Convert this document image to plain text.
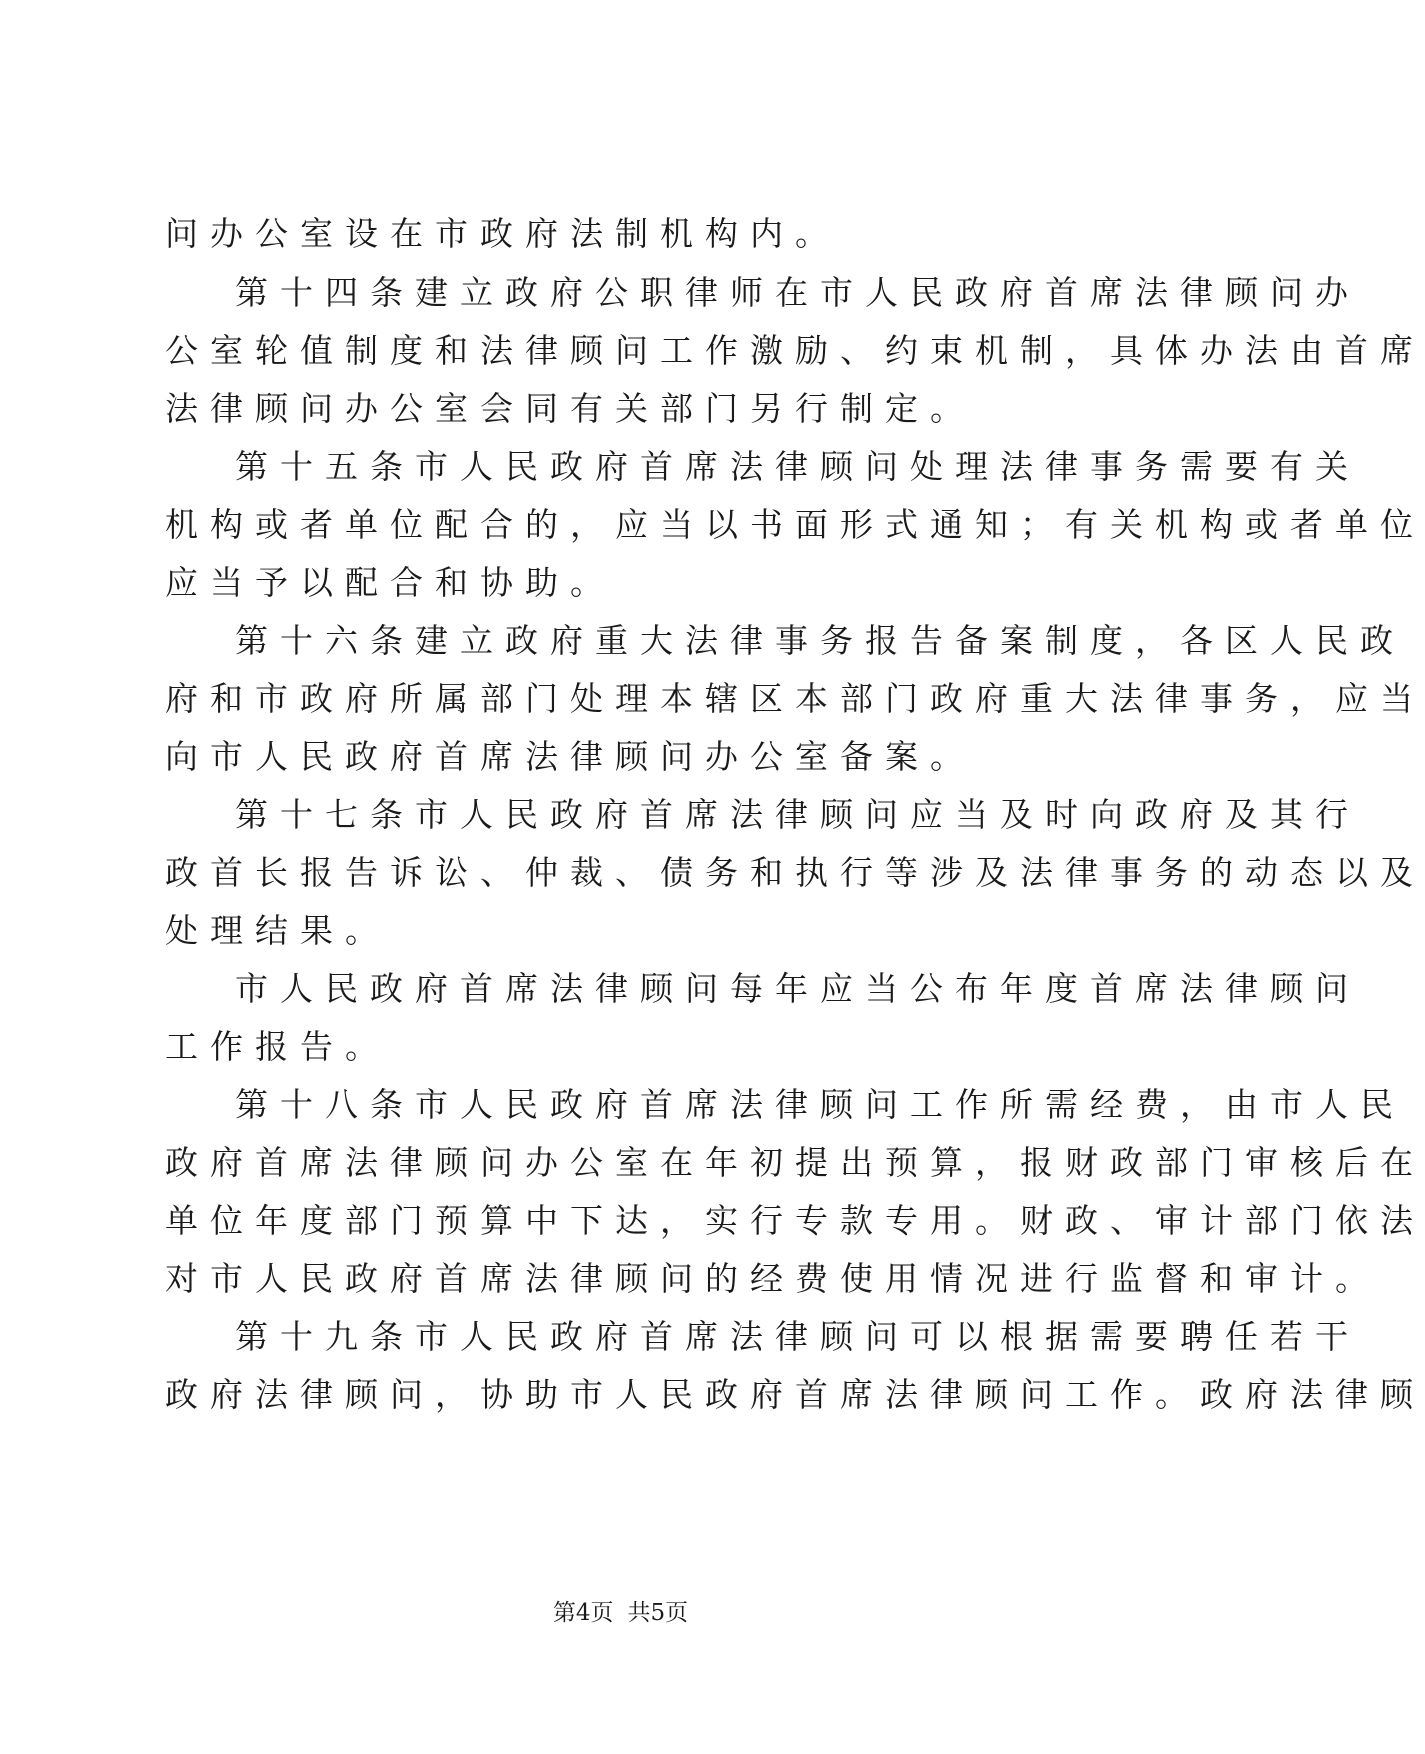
问办公室设在市政府法制机构内。
第十四条建立政府公职律师在市人民政府首席法律顾问办
公室轮值制度和法律顾问工作激励、约束机制，具体办法由首席
法律顾问办公室会同有关部门另行制定。
第十五条市人民政府首席法律顾问处理法律事务需要有关
机构或者单位配合的，应当以书面形式通知；有关机构或者单位
应当予以配合和协助。
第十六条建立政府重大法律事务报告备案制度，各区人民政
府和市政府所属部门处理本辖区本部门政府重大法律事务，应当
向市人民政府首席法律顾问办公室备案。
第十七条市人民政府首席法律顾问应当及时向政府及其行
政首长报告诉讼、仲裁、债务和执行等涉及法律事务的动态以及
处理结果。
市人民政府首席法律顾问每年应当公布年度首席法律顾问
工作报告。
第十八条市人民政府首席法律顾问工作所需经费，由市人民
政府首席法律顾问办公室在年初提出预算，报财政部门审核后在
单位年度部门预算中下达，实行专款专用。财政、审计部门依法
对市人民政府首席法律顾问的经费使用情况进行监督和审计。
第十九条市人民政府首席法律顾问可以根据需要聘任若干
政府法律顾问，协助市人民政府首席法律顾问工作。政府法律顾
第4页 共5页
